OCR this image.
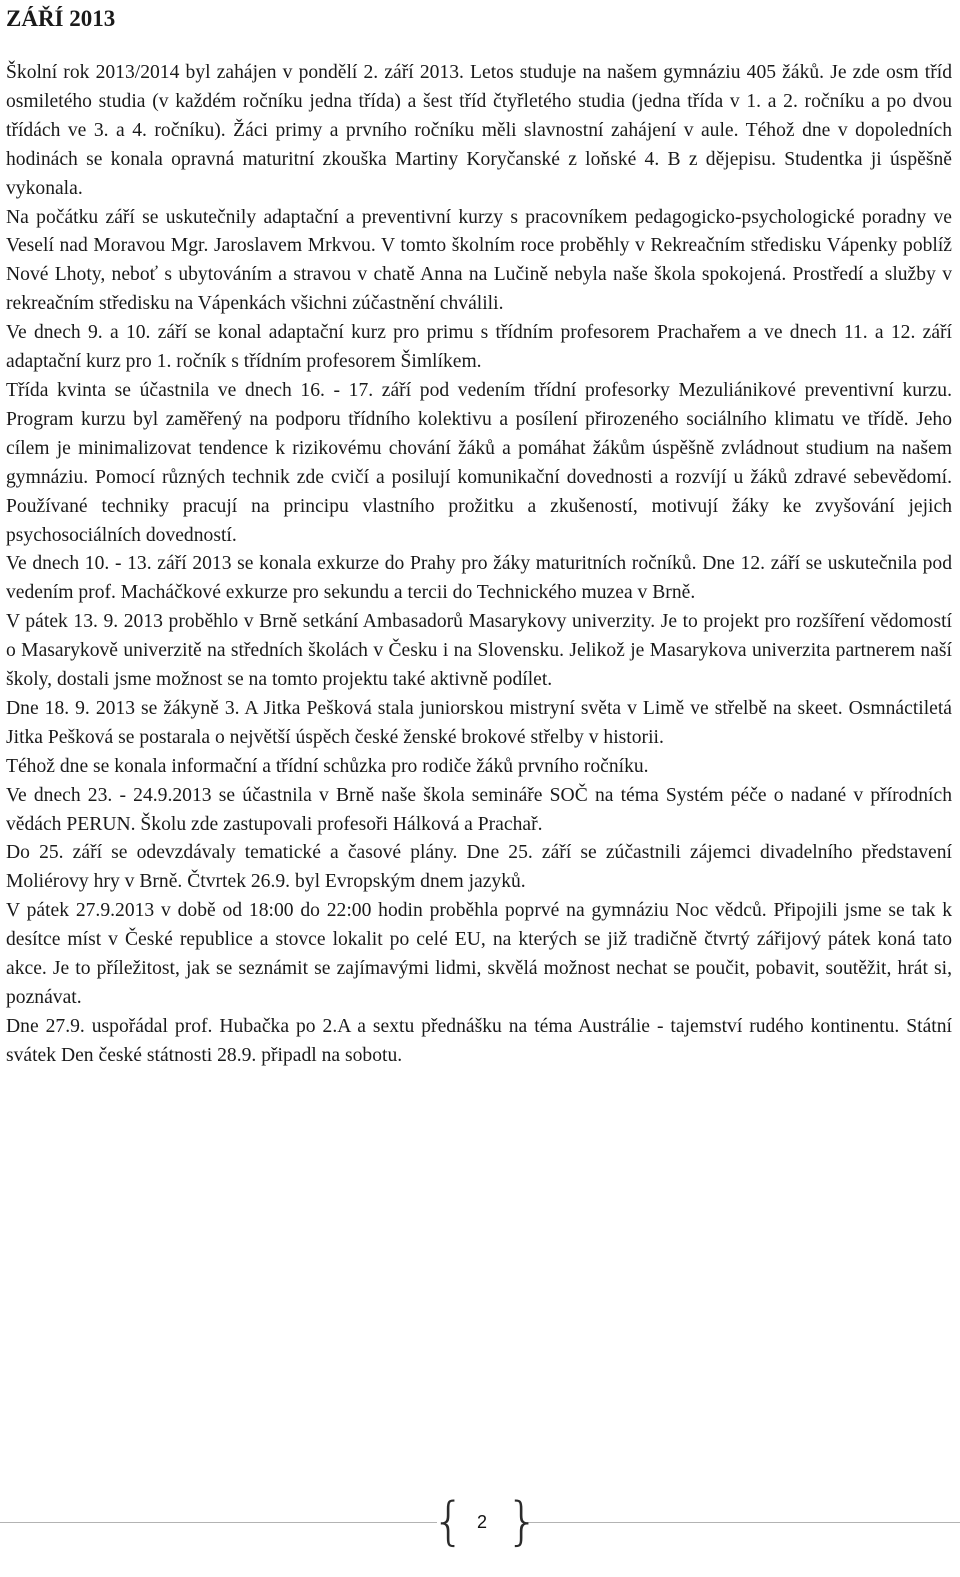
ZÁŘÍ 2013

Školní rok 2013/2014 byl zahájen v pondělí 2. září 2013. Letos studuje na našem gymnáziu 405 žáků. Je zde osm tříd osmiletého studia (v každém ročníku jedna třída) a šest tříd čtyřletého studia (jedna třída v 1. a 2. ročníku a po dvou třídách ve 3. a 4. ročníku). Žáci primy a prvního ročníku měli slavnostní zahájení v aule. Téhož dne v dopoledních hodinách se konala opravná maturitní zkouška Martiny Koryčanské z loňské 4. B z dějepisu. Studentka ji úspěšně vykonala.

Na počátku září se uskutečnily adaptační a preventivní kurzy s pracovníkem pedagogicko-psychologické poradny ve Veselí nad Moravou Mgr. Jaroslavem Mrkvou. V tomto školním roce proběhly v Rekreačním středisku Vápenky poblíž Nové Lhoty, neboť s ubytováním a stravou v chatě Anna na Lučině nebyla naše škola spokojená. Prostředí a služby v rekreačním středisku na Vápenkách všichni zúčastnění chválili.

Ve dnech 9. a 10. září se konal adaptační kurz pro primu s třídním profesorem Prachařem a ve dnech 11. a 12. září adaptační kurz pro 1. ročník s třídním profesorem Šimlíkem.

Třída kvinta se účastnila ve dnech 16. - 17. září pod vedením třídní profesorky Mezuliánikové preventivní kurzu. Program kurzu byl zaměřený na podporu třídního kolektivu a posílení přirozeného sociálního klimatu ve třídě. Jeho cílem je minimalizovat tendence k rizikovému chování žáků a pomáhat žákům úspěšně zvládnout studium na našem gymnáziu. Pomocí různých technik zde cvičí a posilují komunikační dovednosti a rozvíjí u žáků zdravé sebevědomí. Používané techniky pracují na principu vlastního prožitku a zkušeností, motivují žáky ke zvyšování jejich psychosociálních dovedností.

Ve dnech 10. - 13. září 2013 se konala exkurze do Prahy pro žáky maturitních ročníků. Dne 12. září se uskutečnila pod vedením prof. Macháčkové exkurze pro sekundu a tercii do Technického muzea v Brně.

V pátek 13. 9. 2013 proběhlo v Brně setkání Ambasadorů Masarykovy univerzity. Je to projekt pro rozšíření vědomostí o Masarykově univerzitě na středních školách v Česku i na Slovensku. Jelikož je Masarykova univerzita partnerem naší školy, dostali jsme možnost se na tomto projektu také aktivně podílet.

Dne 18. 9. 2013 se žákyně 3. A Jitka Pešková stala juniorskou mistryní světa v Limě ve střelbě na skeet. Osmnáctiletá Jitka Pešková se postarala o největší úspěch české ženské brokové střelby v historii.

Téhož dne se konala informační a třídní schůzka pro rodiče žáků prvního ročníku.

Ve dnech 23. - 24.9.2013 se účastnila v Brně naše škola semináře SOČ na téma Systém péče o nadané v přírodních vědách PERUN. Školu zde zastupovali profesoři Hálková a Prachař.

Do 25. září se odevzdávaly tematické a časové plány. Dne 25. září se zúčastnili zájemci divadelního představení Moliérovy hry v Brně. Čtvrtek 26.9. byl Evropským dnem jazyků.

V pátek 27.9.2013 v době od 18:00 do 22:00 hodin proběhla poprvé na gymnáziu Noc vědců. Připojili jsme se tak k desítce míst v České republice a stovce lokalit po celé EU, na kterých se již tradičně čtvrtý zářijový pátek koná tato akce. Je to příležitost, jak se seznámit se zajímavými lidmi, skvělá možnost nechat se poučit, pobavit, soutěžit, hrát si, poznávat.

Dne 27.9. uspořádal prof. Hubačka po 2.A a sextu přednášku na téma Austrálie - tajemství rudého kontinentu. Státní svátek Den české státnosti 28.9. připadl na sobotu.

{ }
2
